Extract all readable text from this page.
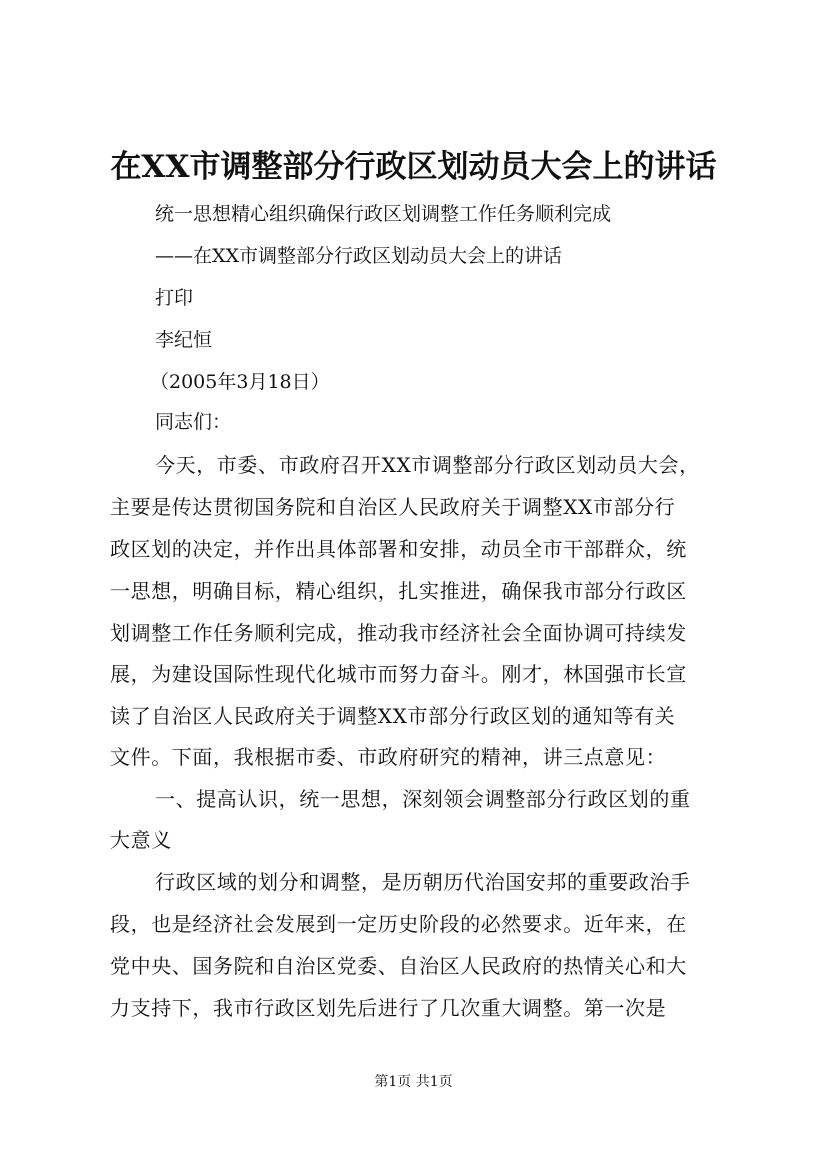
在XX市调整部分行政区划动员大会上的讲话
统一思想精心组织确保行政区划调整工作任务顺利完成
——在XX市调整部分行政区划动员大会上的讲话
打印
李纪恒
（2005年3月18日）
同志们：
今天，市委、市政府召开XX市调整部分行政区划动员大会，
主要是传达贯彻国务院和自治区人民政府关于调整XX市部分行
政区划的决定，并作出具体部署和安排，动员全市干部群众，统
一思想，明确目标，精心组织，扎实推进，确保我市部分行政区
划调整工作任务顺利完成，推动我市经济社会全面协调可持续发
展，为建设国际性现代化城市而努力奋斗。刚才，林国强市长宣
读了自治区人民政府关于调整XX市部分行政区划的通知等有关
文件。下面，我根据市委、市政府研究的精神，讲三点意见：
一、提高认识，统一思想，深刻领会调整部分行政区划的重
大意义
行政区域的划分和调整，是历朝历代治国安邦的重要政治手
段，也是经济社会发展到一定历史阶段的必然要求。近年来，在
党中央、国务院和自治区党委、自治区人民政府的热情关心和大
力支持下，我市行政区划先后进行了几次重大调整。第一次是
第1页 共1页
